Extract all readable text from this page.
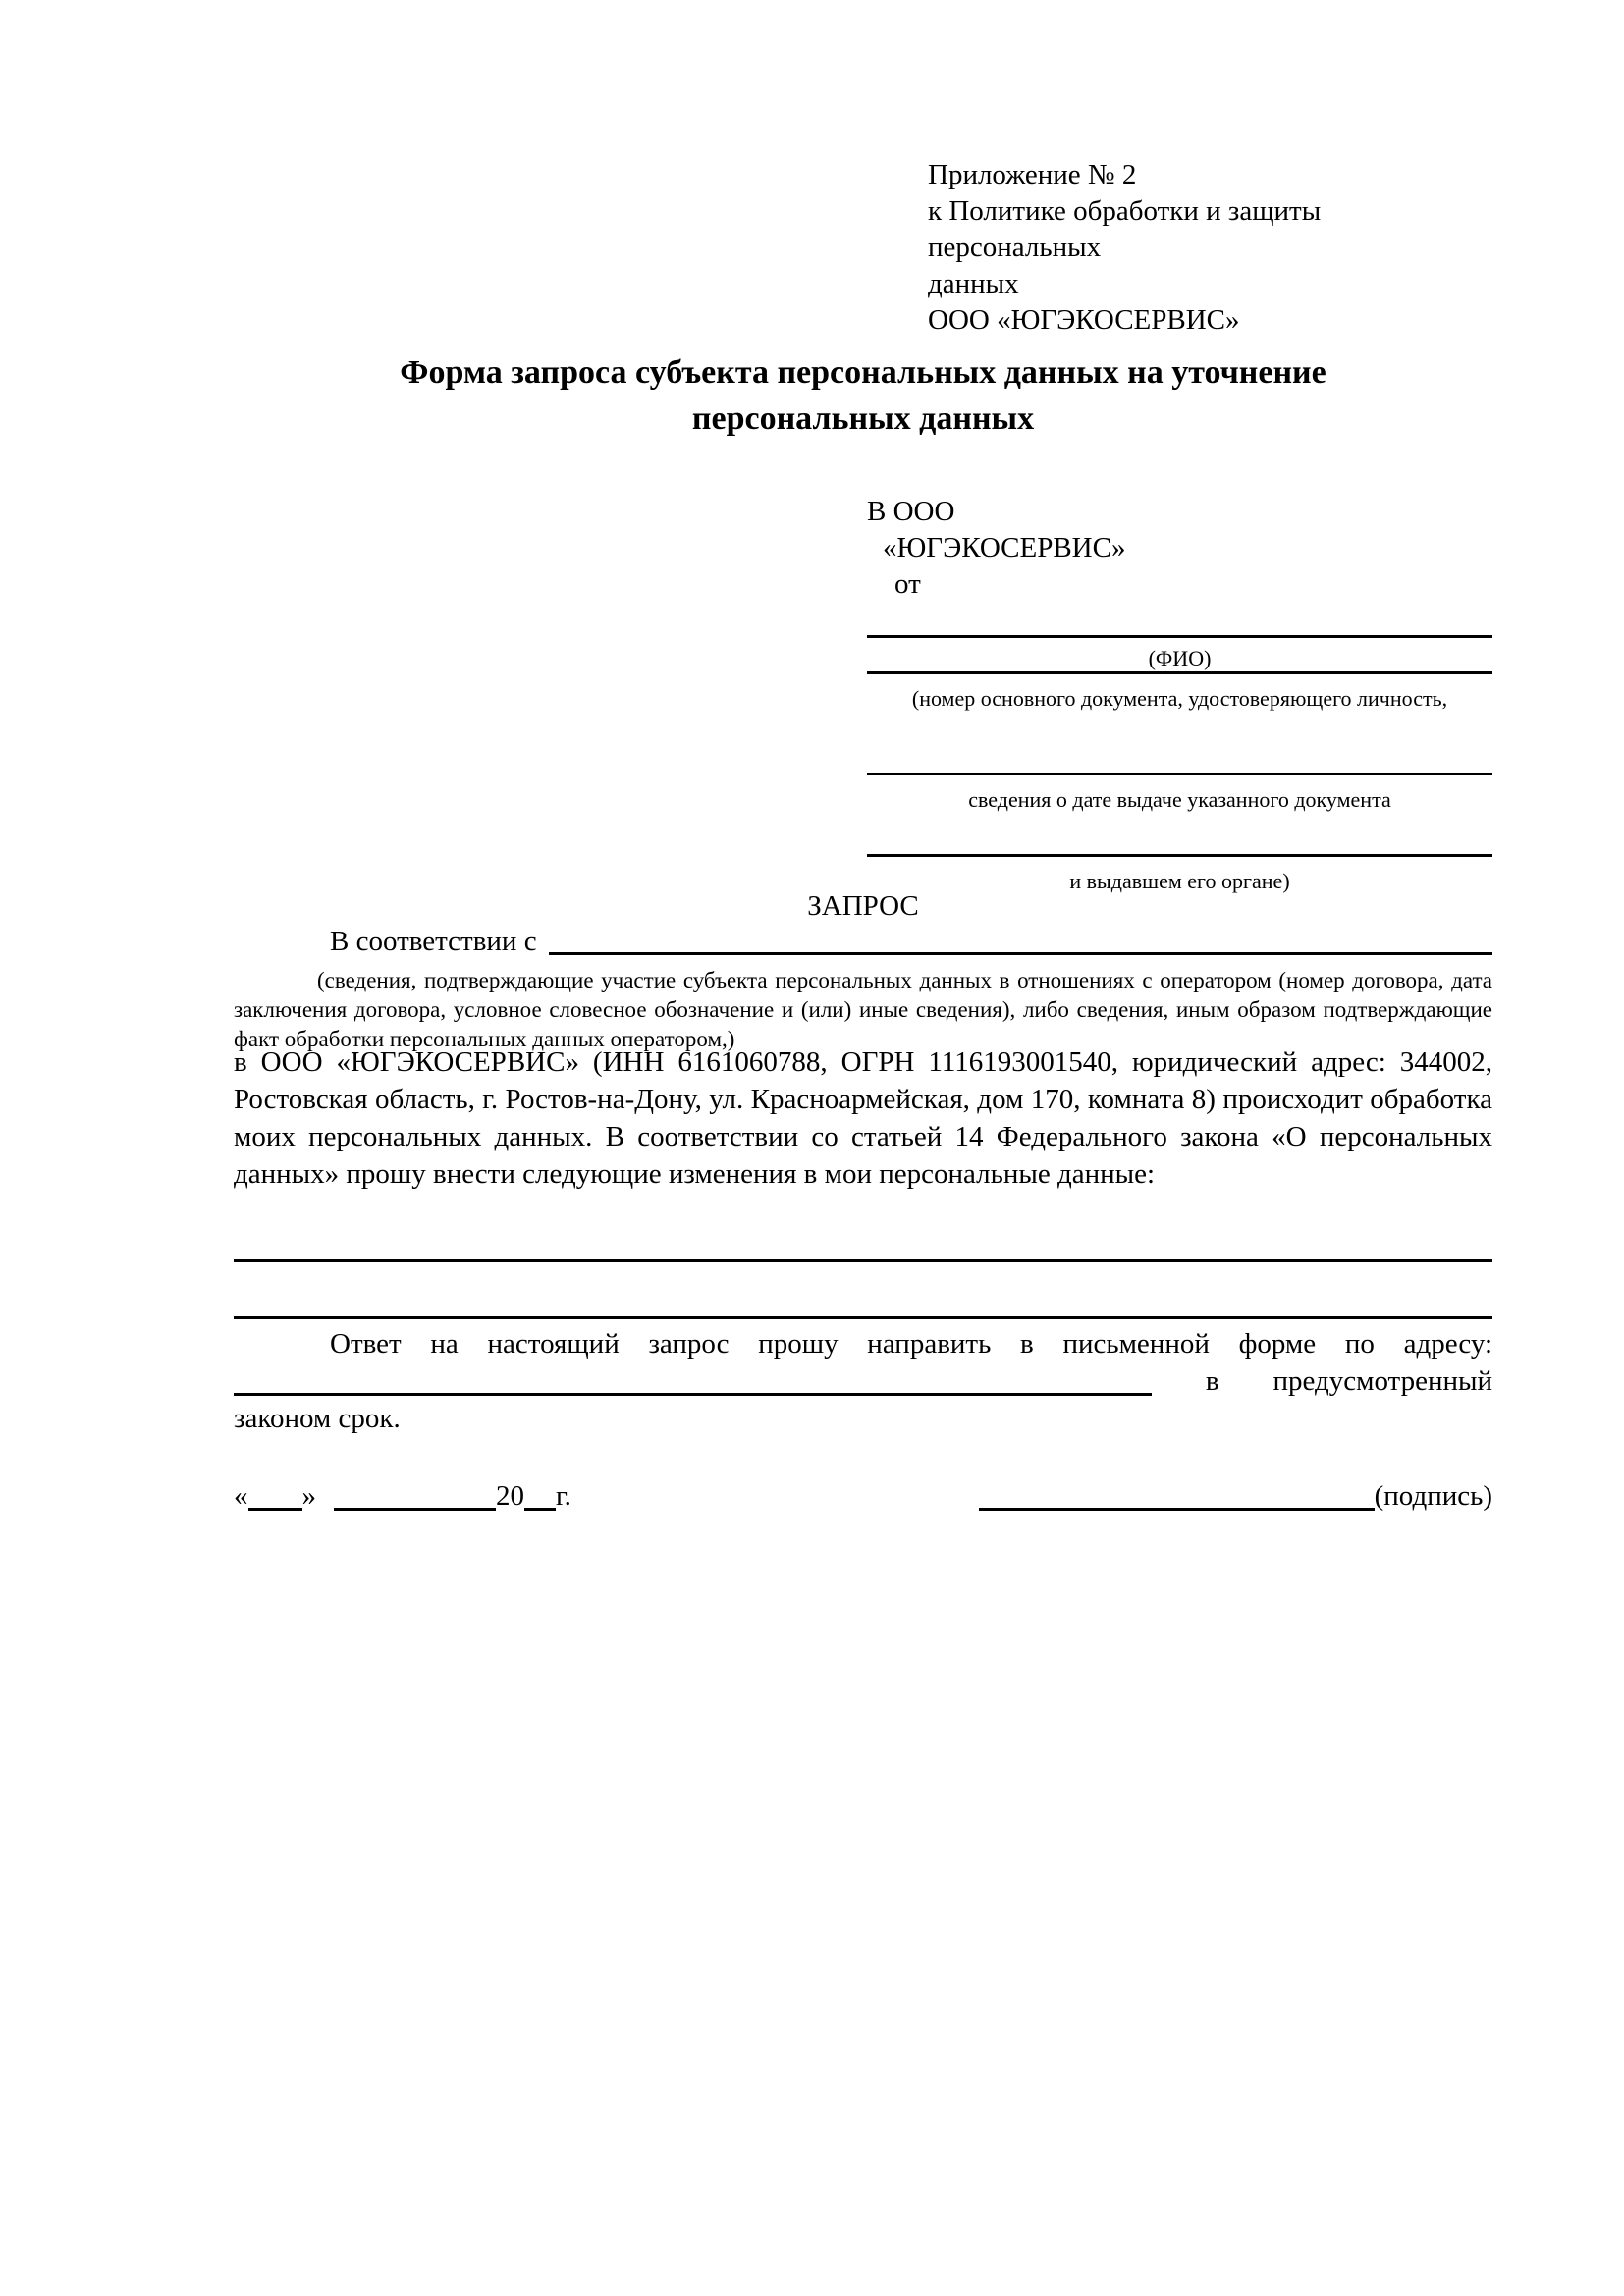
Приложение № 2
к Политике обработки и защиты персональных
данных
ООО «ЮГЭКОСЕРВИС»
Форма запроса субъекта персональных данных на уточнение
персональных данных
В ООО
«ЮГЭКОСЕРВИС»
от
(ФИО)
(номер основного документа, удостоверяющего личность,
сведения о дате выдаче указанного документа
и выдавшем его органе)
ЗАПРОС
В соответствии с
(сведения, подтверждающие участие субъекта персональных данных в отношениях с оператором (номер договора, дата заключения договора, условное словесное обозначение и (или) иные сведения), либо сведения, иным образом подтверждающие факт обработки персональных данных оператором,)
в ООО «ЮГЭКОСЕРВИС» (ИНН 6161060788, ОГРН 1116193001540, юридический адрес: 344002, Ростовская область, г. Ростов-на-Дону, ул. Красноармейская, дом 170, комната 8) происходит обработка моих персональных данных. В соответствии со статьей 14 Федерального закона «О персональных данных» прошу внести следующие изменения в мои персональные данные:
Ответ на настоящий запрос прошу направить в письменной форме по адресу:
в предусмотренный
законом срок.
« »	20 г.	(подпись)
